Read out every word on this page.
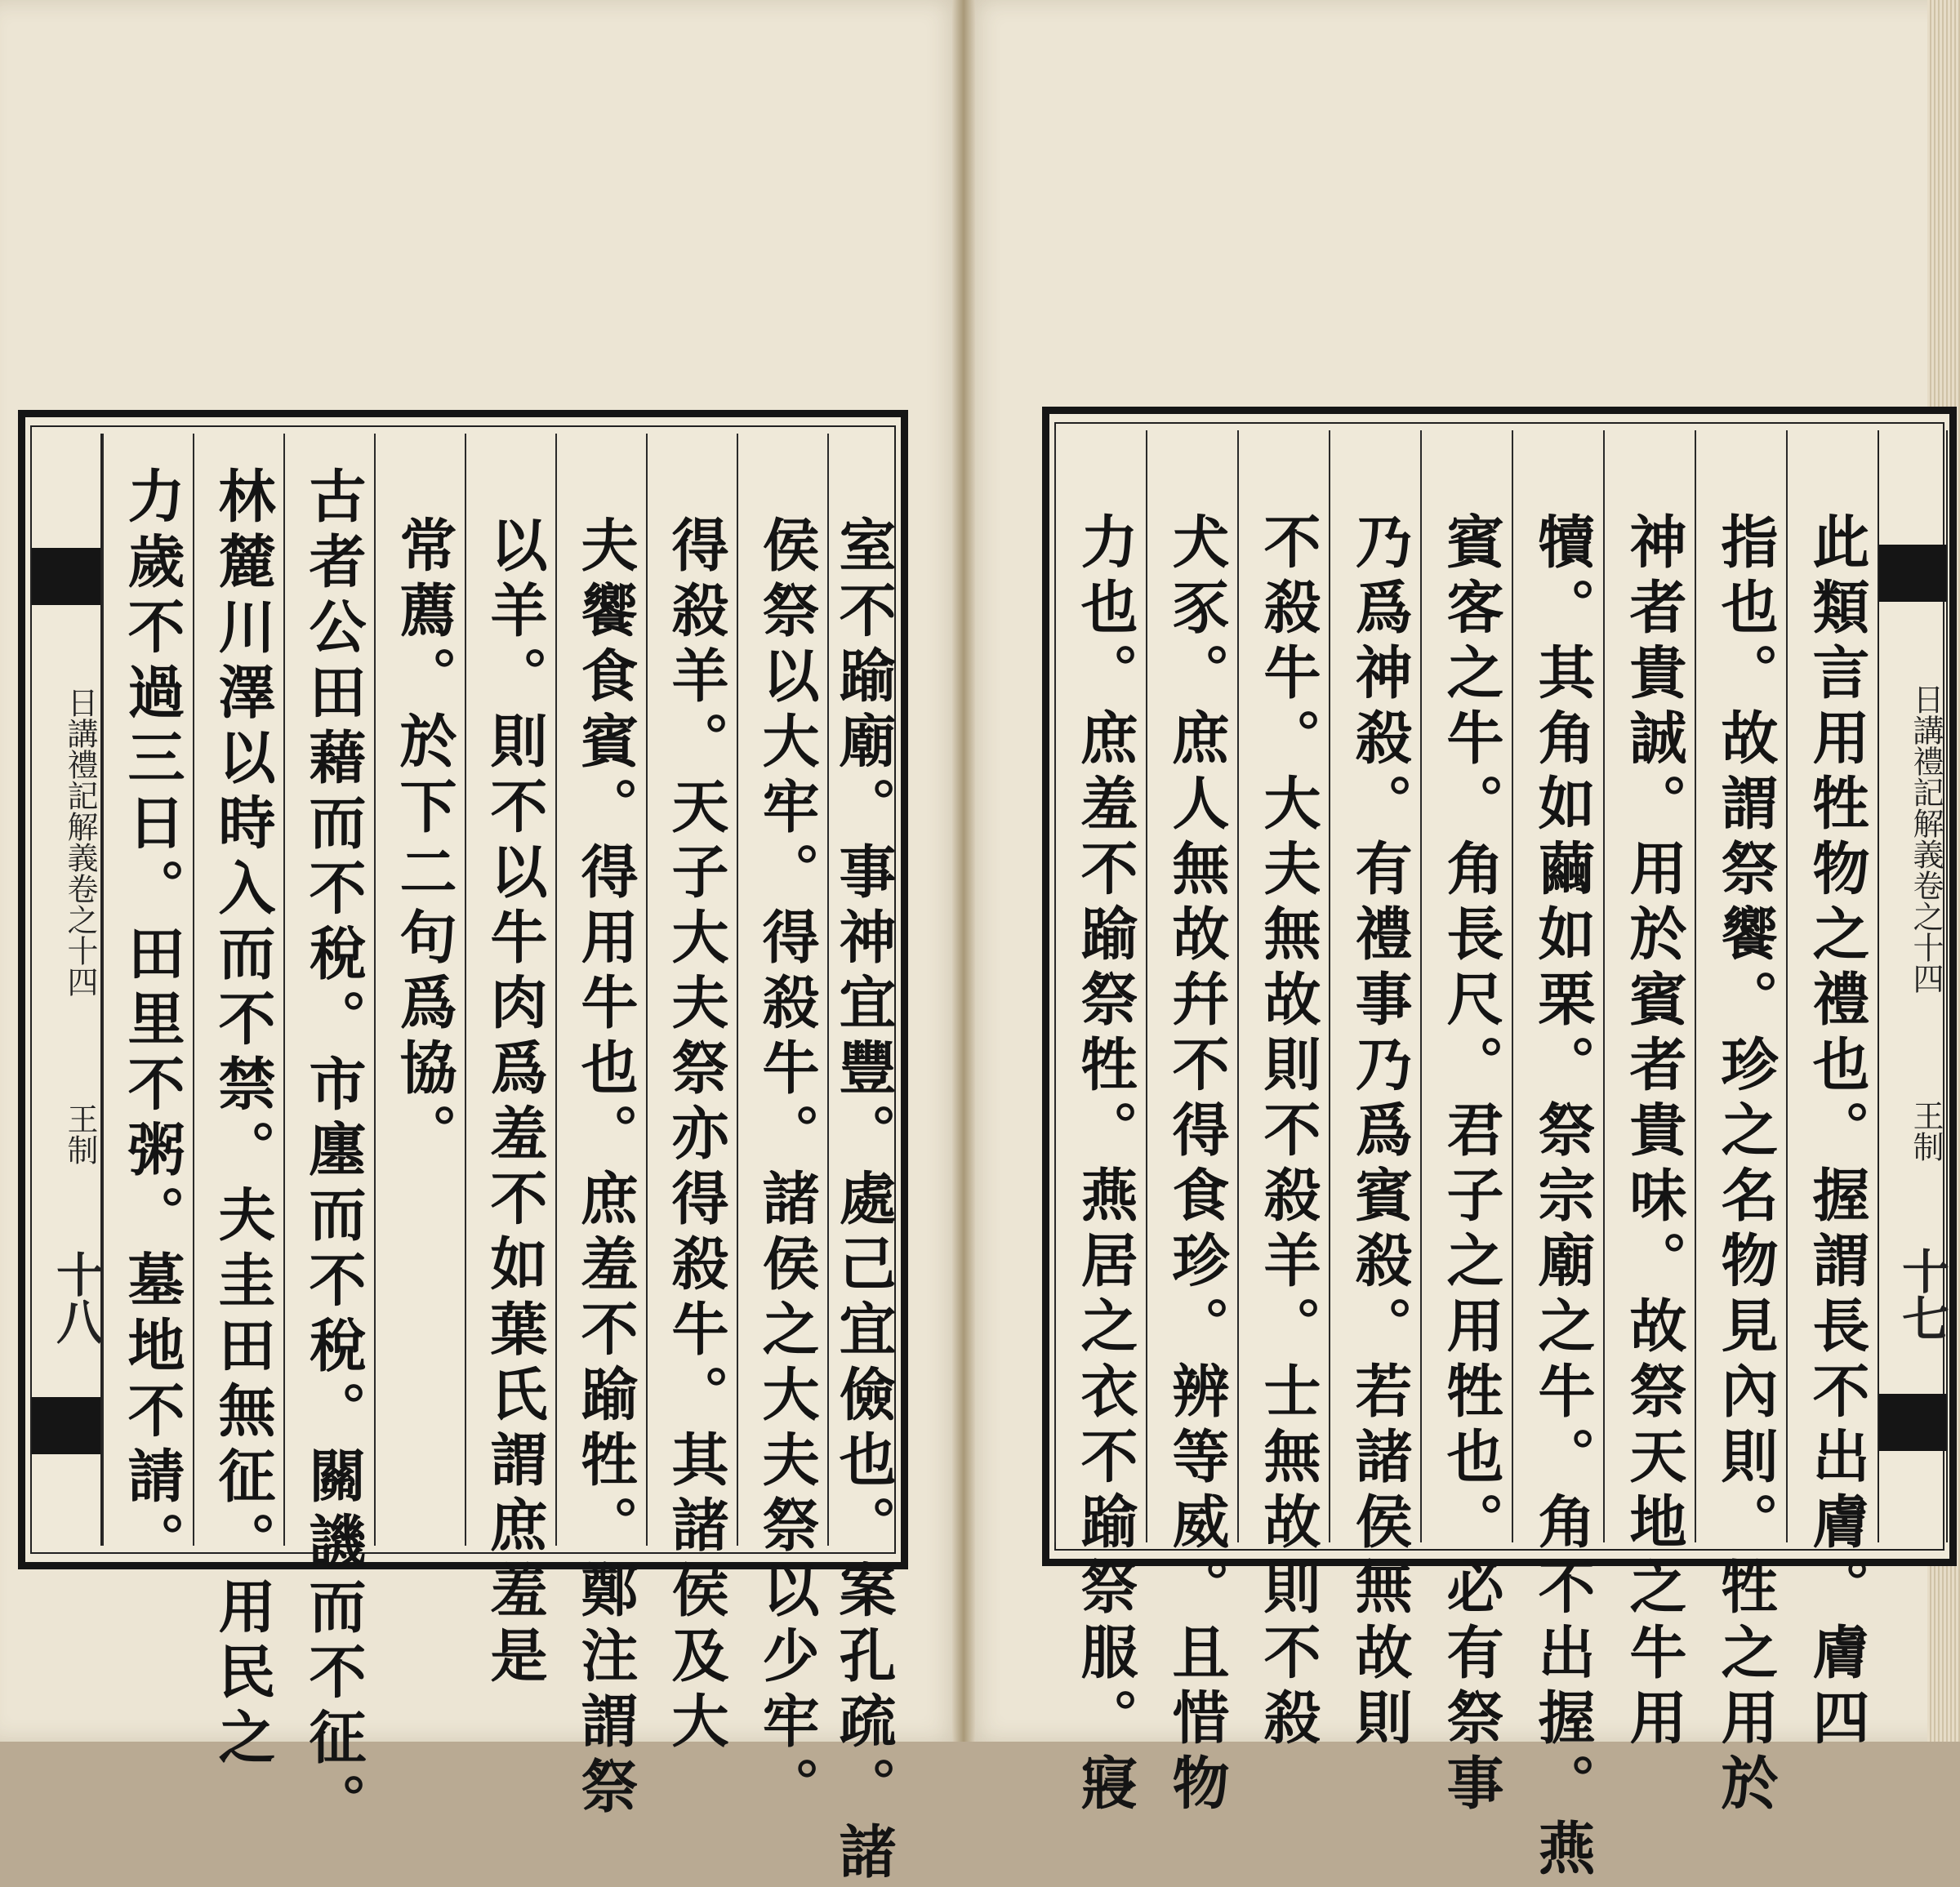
日講禮記解義卷之十四
王制
十八 力歲不過三日。田里不粥。墓地不請。 林麓川澤以時入而不禁。夫圭田無征。用民之 古者公田藉而不稅。市廛而不稅。關譏而不征。 常薦。於下二句爲協。 以羊。則不以牛肉爲羞不如葉氏謂庶羞是 夫饗食賓。得用牛也。庶羞不踰牲。鄭注謂祭 得殺羊。天子大夫祭亦得殺牛。其諸侯及大 侯祭以大牢。得殺牛。諸侯之大夫祭以少牢。 室不踰廟。事神宜豐。處己宜儉也。案孔疏。諸	力也。庶羞不踰祭牲。燕居之衣不踰祭服。寢 犬豕。庶人無故幷不得食珍。辨等威。且惜物 不殺牛。大夫無故則不殺羊。士無故則不殺 乃爲神殺。有禮事乃爲賓殺。若諸侯無故則 賓客之牛。角長尺。君子之用牲也。必有祭事 犢。其角如繭如栗。祭宗廟之牛。角不出握。燕 神者貴誠。用於賓者貴味。故祭天地之牛用 指也。故謂祭饗。珍之名物見內則。牲之用於 此類言用牲物之禮也。握謂長不出膚。膚四	日講禮記解義卷之十四
王制
十七
